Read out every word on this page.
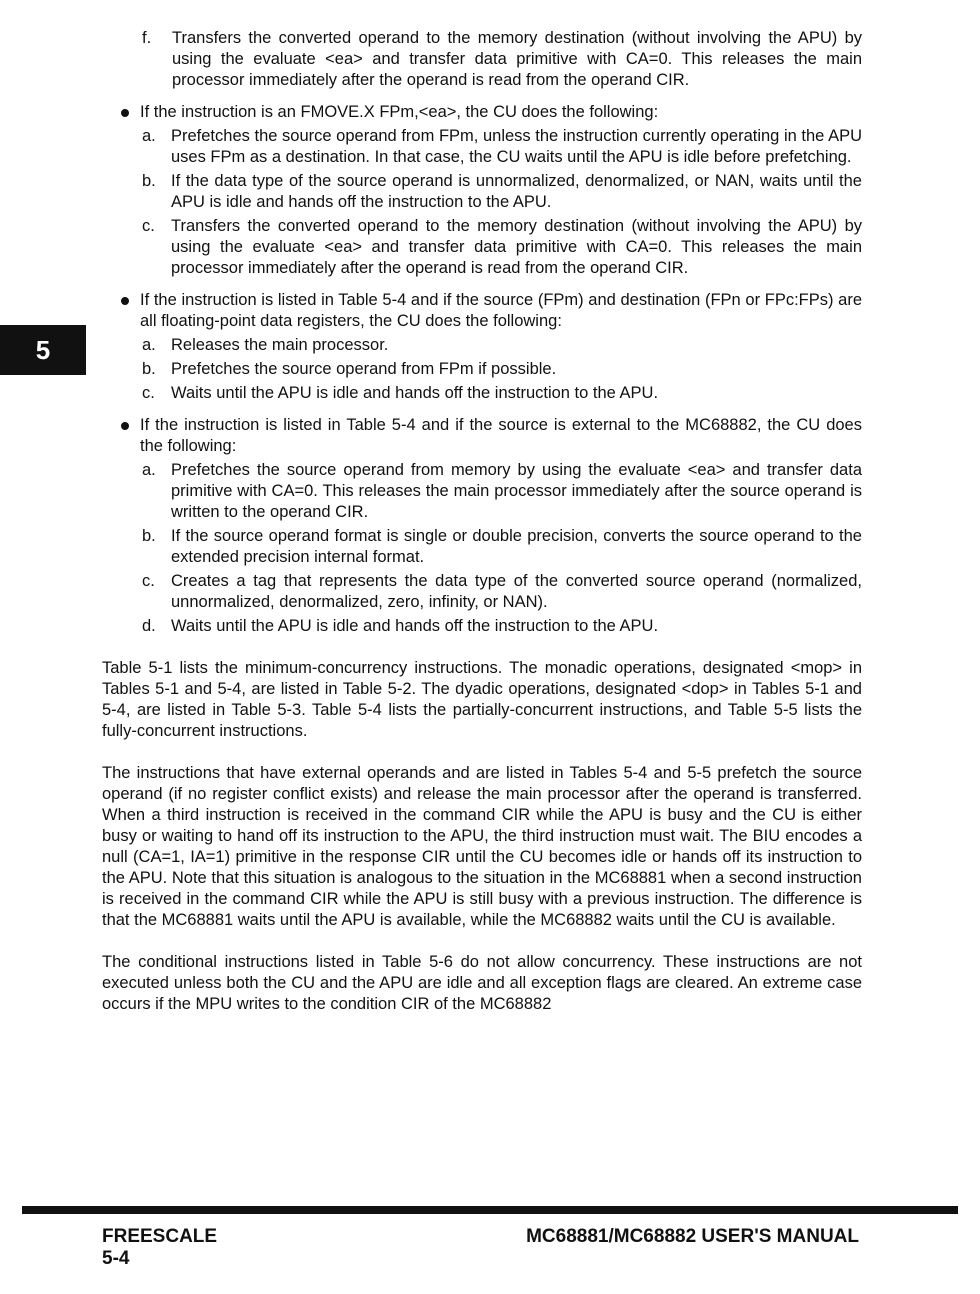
5
f. Transfers the converted operand to the memory destination (without involving the APU) by using the evaluate <ea> and transfer data primitive with CA=0. This releases the main processor immediately after the operand is read from the operand CIR.
If the instruction is an FMOVE.X FPm,<ea>, the CU does the following:
a. Prefetches the source operand from FPm, unless the instruction currently operating in the APU uses FPm as a destination. In that case, the CU waits until the APU is idle before prefetching.
b. If the data type of the source operand is unnormalized, denormalized, or NAN, waits until the APU is idle and hands off the instruction to the APU.
c. Transfers the converted operand to the memory destination (without involving the APU) by using the evaluate <ea> and transfer data primitive with CA=0. This releases the main processor immediately after the operand is read from the operand CIR.
If the instruction is listed in Table 5-4 and if the source (FPm) and destination (FPn or FPc:FPs) are all floating-point data registers, the CU does the following:
a. Releases the main processor.
b. Prefetches the source operand from FPm if possible.
c. Waits until the APU is idle and hands off the instruction to the APU.
If the instruction is listed in Table 5-4 and if the source is external to the MC68882, the CU does the following:
a. Prefetches the source operand from memory by using the evaluate <ea> and transfer data primitive with CA=0. This releases the main processor immediately after the source operand is written to the operand CIR.
b. If the source operand format is single or double precision, converts the source operand to the extended precision internal format.
c. Creates a tag that represents the data type of the converted source operand (normalized, unnormalized, denormalized, zero, infinity, or NAN).
d. Waits until the APU is idle and hands off the instruction to the APU.

Table 5-1 lists the minimum-concurrency instructions. The monadic operations, designated <mop> in Tables 5-1 and 5-4, are listed in Table 5-2. The dyadic operations, designated <dop> in Tables 5-1 and 5-4, are listed in Table 5-3. Table 5-4 lists the partially-concurrent instructions, and Table 5-5 lists the fully-concurrent instructions.

The instructions that have external operands and are listed in Tables 5-4 and 5-5 prefetch the source operand (if no register conflict exists) and release the main processor after the operand is transferred. When a third instruction is received in the command CIR while the APU is busy and the CU is either busy or waiting to hand off its instruction to the APU, the third instruction must wait. The BIU encodes a null (CA=1, IA=1) primitive in the response CIR until the CU becomes idle or hands off its instruction to the APU. Note that this situation is analogous to the situation in the MC68881 when a second instruction is received in the command CIR while the APU is still busy with a previous instruction. The difference is that the MC68881 waits until the APU is available, while the MC68882 waits until the CU is available.

The conditional instructions listed in Table 5-6 do not allow concurrency. These instructions are not executed unless both the CU and the APU are idle and all exception flags are cleared. An extreme case occurs if the MPU writes to the condition CIR of the MC68882

FREESCALE
5-4
MC68881/MC68882 USER'S MANUAL
